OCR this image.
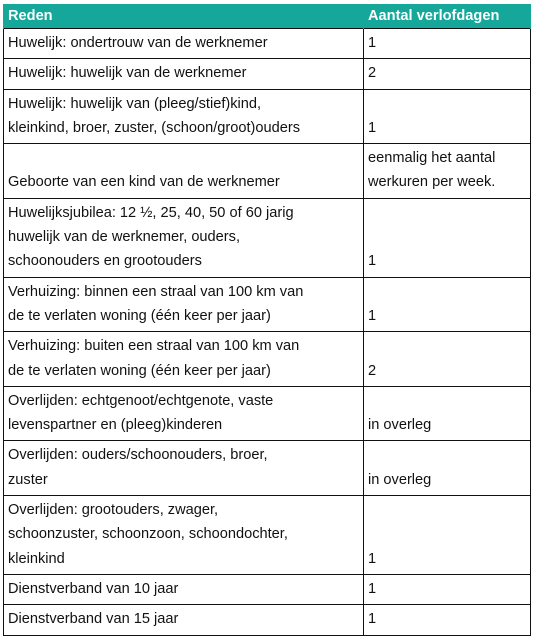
Reden	Aantal verlofdagen
Huwelijk: ondertrouw van de werknemer	1
Huwelijk: huwelijk van de werknemer	2
Huwelijk: huwelijk van (pleeg/stief)kind,
kleinkind, broer, zuster, (schoon/groot)ouders	1
Geboorte van een kind van de werknemer	eenmalig het aantal
werkuren per week.
Huwelijksjubilea: 12 ½, 25, 40, 50 of 60 jarig
huwelijk van de werknemer, ouders,
schoonouders en grootouders	1
Verhuizing: binnen een straal van 100 km van
de te verlaten woning (één keer per jaar)	1
Verhuizing: buiten een straal van 100 km van
de te verlaten woning (één keer per jaar)	2
Overlijden: echtgenoot/echtgenote, vaste
levenspartner en (pleeg)kinderen	in overleg
Overlijden: ouders/schoonouders, broer,
zuster	in overleg
Overlijden: grootouders, zwager,
schoonzuster, schoonzoon, schoondochter,
kleinkind	1
Dienstverband van 10 jaar	1
Dienstverband van 15 jaar	1
